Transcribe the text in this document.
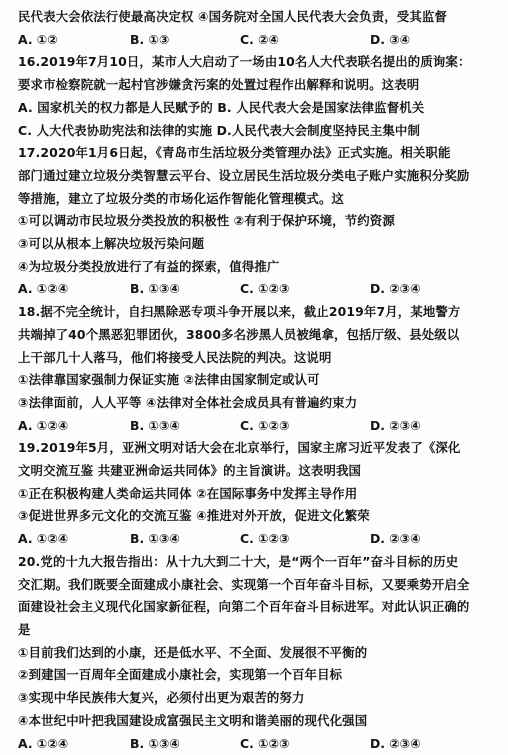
民代表大会依法行使最高决定权 ④国务院对全国人民代表大会负责，受其监督
A. ①②	B. ①③	C. ②④	D. ③④
16.2019年7月10日，某市人大启动了一场由10名人大代表联名提出的质询案：
要求市检察院就一起村官涉嫌贪污案的处置过程作出解释和说明。这表明
A. 国家机关的权力都是人民赋予的 B. 人民代表大会是国家法律监督机关
C. 人大代表协助宪法和法律的实施 D.人民代表大会制度坚持民主集中制
17.2020年1月6日起，《青岛市生活垃圾分类管理办法》正式实施。相关职能
部门通过建立垃圾分类智慧云平台、设立居民生活垃圾分类电子账户实施积分奖励
等措施，建立了垃圾分类的市场化运作智能化管理模式。这
①可以调动市民垃圾分类投放的积极性 ②有利于保护环境，节约资源
③可以从根本上解决垃圾污染问题
④为垃圾分类投放进行了有益的探索，值得推广
A. ①②④	B. ①③④	C. ①②③	D. ②③④
18.据不完全统计，自扫黑除恶专项斗争开展以来，截止2019年7月，某地警方
共端掉了40个黑恶犯罪团伙，3800多名涉黑人员被绳拿，包括厅级、县处级以
上干部几十人落马，他们将接受人民法院的判决。这说明
①法律靠国家强制力保证实施 ②法律由国家制定或认可
③法律面前，人人平等 ④法律对全体社会成员具有普遍约束力
A. ①②④	B. ①③④	C. ①②③	D. ②③④
19.2019年5月，亚洲文明对话大会在北京举行，国家主席习近平发表了《深化
文明交流互鉴 共建亚洲命运共同体》的主旨演讲。这表明我国
①正在积极构建人类命运共同体 ②在国际事务中发挥主导作用
③促进世界多元文化的交流互鉴 ④推进对外开放，促进文化繁荣
A. ①②④	B. ①③④	C. ①②③	D. ②③④
20.党的十九大报告指出：从十九大到二十大，是“两个一百年”奋斗目标的历史
交汇期。我们既要全面建成小康社会、实现第一个百年奋斗目标，又要乘势开启全
面建设社会主义现代化国家新征程，向第二个百年奋斗目标进军。对此认识正确的
是
①目前我们达到的小康，还是低水平、不全面、发展很不平衡的
②到建国一百周年全面建成小康社会，实现第一个百年目标
③实现中华民族伟大复兴，必须付出更为艰苦的努力
④本世纪中叶把我国建设成富强民主文明和谐美丽的现代化强国
A. ①②④	B. ①③④	C. ①②③	D. ②③④
